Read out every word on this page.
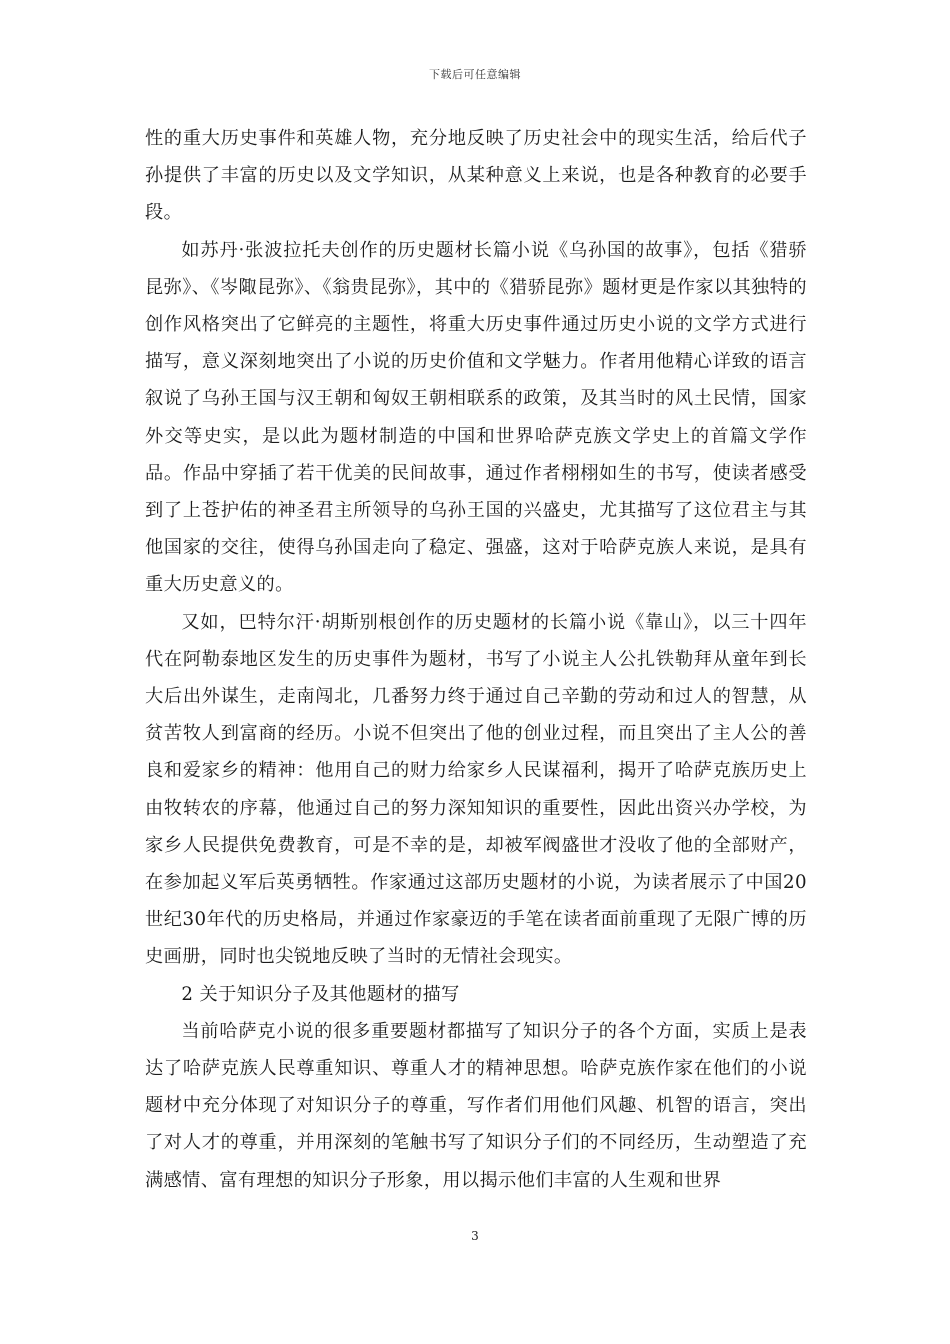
下载后可任意编辑

性的重大历史事件和英雄人物，充分地反映了历史社会中的现实生活，给后代子孙提供了丰富的历史以及文学知识，从某种意义上来说，也是各种教育的必要手段。

如苏丹·张波拉托夫创作的历史题材长篇小说《乌孙国的故事》，包括《猎骄昆弥》、《岑陬昆弥》、《翁贵昆弥》，其中的《猎骄昆弥》题材更是作家以其独特的创作风格突出了它鲜亮的主题性，将重大历史事件通过历史小说的文学方式进行描写，意义深刻地突出了小说的历史价值和文学魅力。作者用他精心详致的语言叙说了乌孙王国与汉王朝和匈奴王朝相联系的政策，及其当时的风土民情，国家外交等史实，是以此为题材制造的中国和世界哈萨克族文学史上的首篇文学作品。作品中穿插了若干优美的民间故事，通过作者栩栩如生的书写，使读者感受到了上苍护佑的神圣君主所领导的乌孙王国的兴盛史，尤其描写了这位君主与其他国家的交往，使得乌孙国走向了稳定、强盛，这对于哈萨克族人来说，是具有重大历史意义的。

又如，巴特尔汗·胡斯别根创作的历史题材的长篇小说《靠山》，以三十四年代在阿勒泰地区发生的历史事件为题材，书写了小说主人公扎铁勒拜从童年到长大后出外谋生，走南闯北，几番努力终于通过自己辛勤的劳动和过人的智慧，从贫苦牧人到富商的经历。小说不但突出了他的创业过程，而且突出了主人公的善良和爱家乡的精神：他用自己的财力给家乡人民谋福利，揭开了哈萨克族历史上由牧转农的序幕，他通过自己的努力深知知识的重要性，因此出资兴办学校，为家乡人民提供免费教育，可是不幸的是，却被军阀盛世才没收了他的全部财产，在参加起义军后英勇牺牲。作家通过这部历史题材的小说，为读者展示了中国20世纪30年代的历史格局，并通过作家豪迈的手笔在读者面前重现了无限广博的历史画册，同时也尖锐地反映了当时的无情社会现实。

2 关于知识分子及其他题材的描写

当前哈萨克小说的很多重要题材都描写了知识分子的各个方面，实质上是表达了哈萨克族人民尊重知识、尊重人才的精神思想。哈萨克族作家在他们的小说题材中充分体现了对知识分子的尊重，写作者们用他们风趣、机智的语言，突出了对人才的尊重，并用深刻的笔触书写了知识分子们的不同经历，生动塑造了充满感情、富有理想的知识分子形象，用以揭示他们丰富的人生观和世界

3
